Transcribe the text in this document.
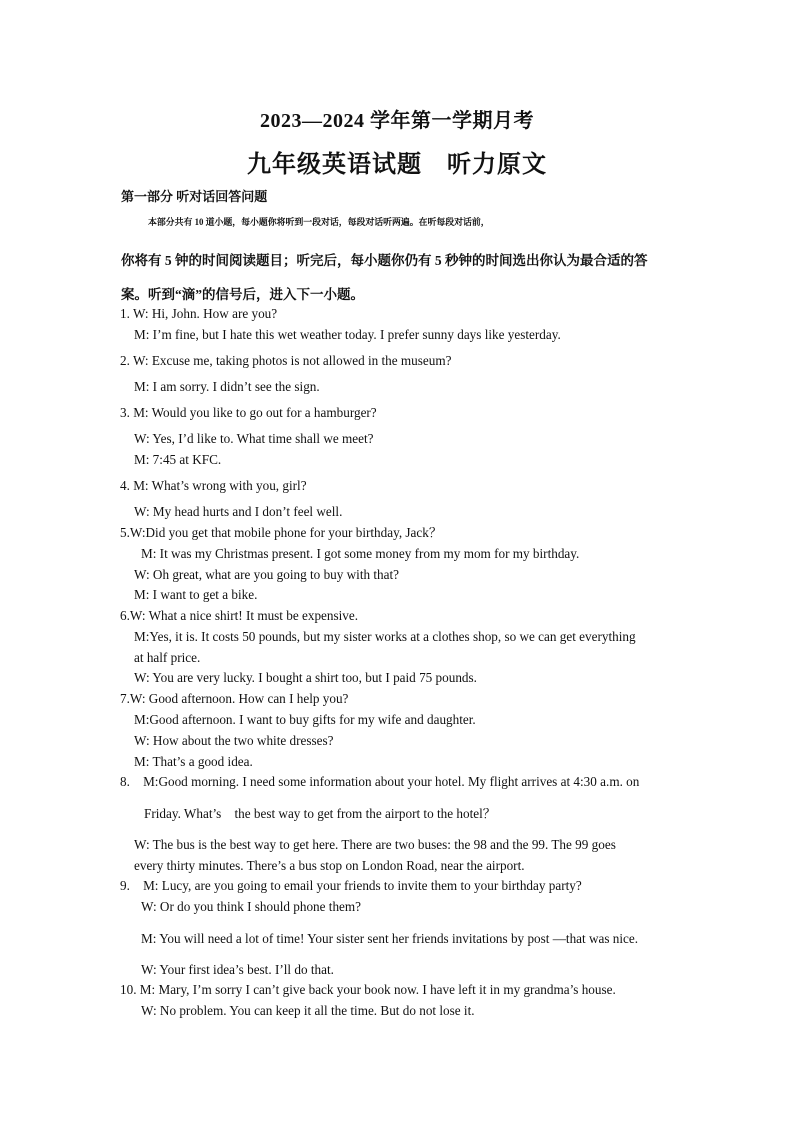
2023—2024 学年第一学期月考
九年级英语试题　听力原文
第一部分 听对话回答问题
本部分共有 10 道小题，每小题你将听到一段对话，每段对话听两遍。在听每段对话前，
你将有 5 钟的时间阅读题目；听完后，每小题你仍有 5 秒钟的时间选出你认为最合适的答
案。听到“滴”的信号后，进入下一小题。
1. W: Hi, John. How are you?
M: I’m fine, but I hate this wet weather today. I prefer sunny days like yesterday.
2. W: Excuse me, taking photos is not allowed in the museum?
M: I am sorry. I didn’t see the sign.
3. M: Would you like to go out for a hamburger?
W: Yes, I’d like to. What time shall we meet?
M: 7:45 at KFC.
4. M: What’s wrong with you, girl?
W: My head hurts and I don’t feel well.
5.W:Did you get that mobile phone for your birthday, Jack？
M: It was my Christmas present. I got some money from my mom for my birthday.
W: Oh great, what are you going to buy with that?
M: I want to get a bike.
6.W: What a nice shirt! It must be expensive.
M:Yes, it is. It costs 50 pounds, but my sister works at a clothes shop, so we can get everything
at half price.
W: You are very lucky. I bought a shirt too, but I paid 75 pounds.
7.W: Good afternoon. How can I help you?
M:Good afternoon. I want to buy gifts for my wife and daughter.
W: How about the two white dresses?
M: That’s a good idea.
8.　M:Good morning. I need some information about your hotel. My flight arrives at 4:30 a.m. on
Friday. What’s　the best way to get from the airport to the hotel？
W: The bus is the best way to get here. There are two buses: the 98 and the 99. The 99 goes
every thirty minutes. There’s a bus stop on London Road, near the airport.
9.　M: Lucy, are you going to email your friends to invite them to your birthday party?
W: Or do you think I should phone them?
M: You will need a lot of time! Your sister sent her friends invitations by post —that was nice.
W: Your first idea’s best. I’ll do that.
10. M: Mary, I’m sorry I can’t give back your book now. I have left it in my grandma’s house.
W: No problem. You can keep it all the time. But do not lose it.
